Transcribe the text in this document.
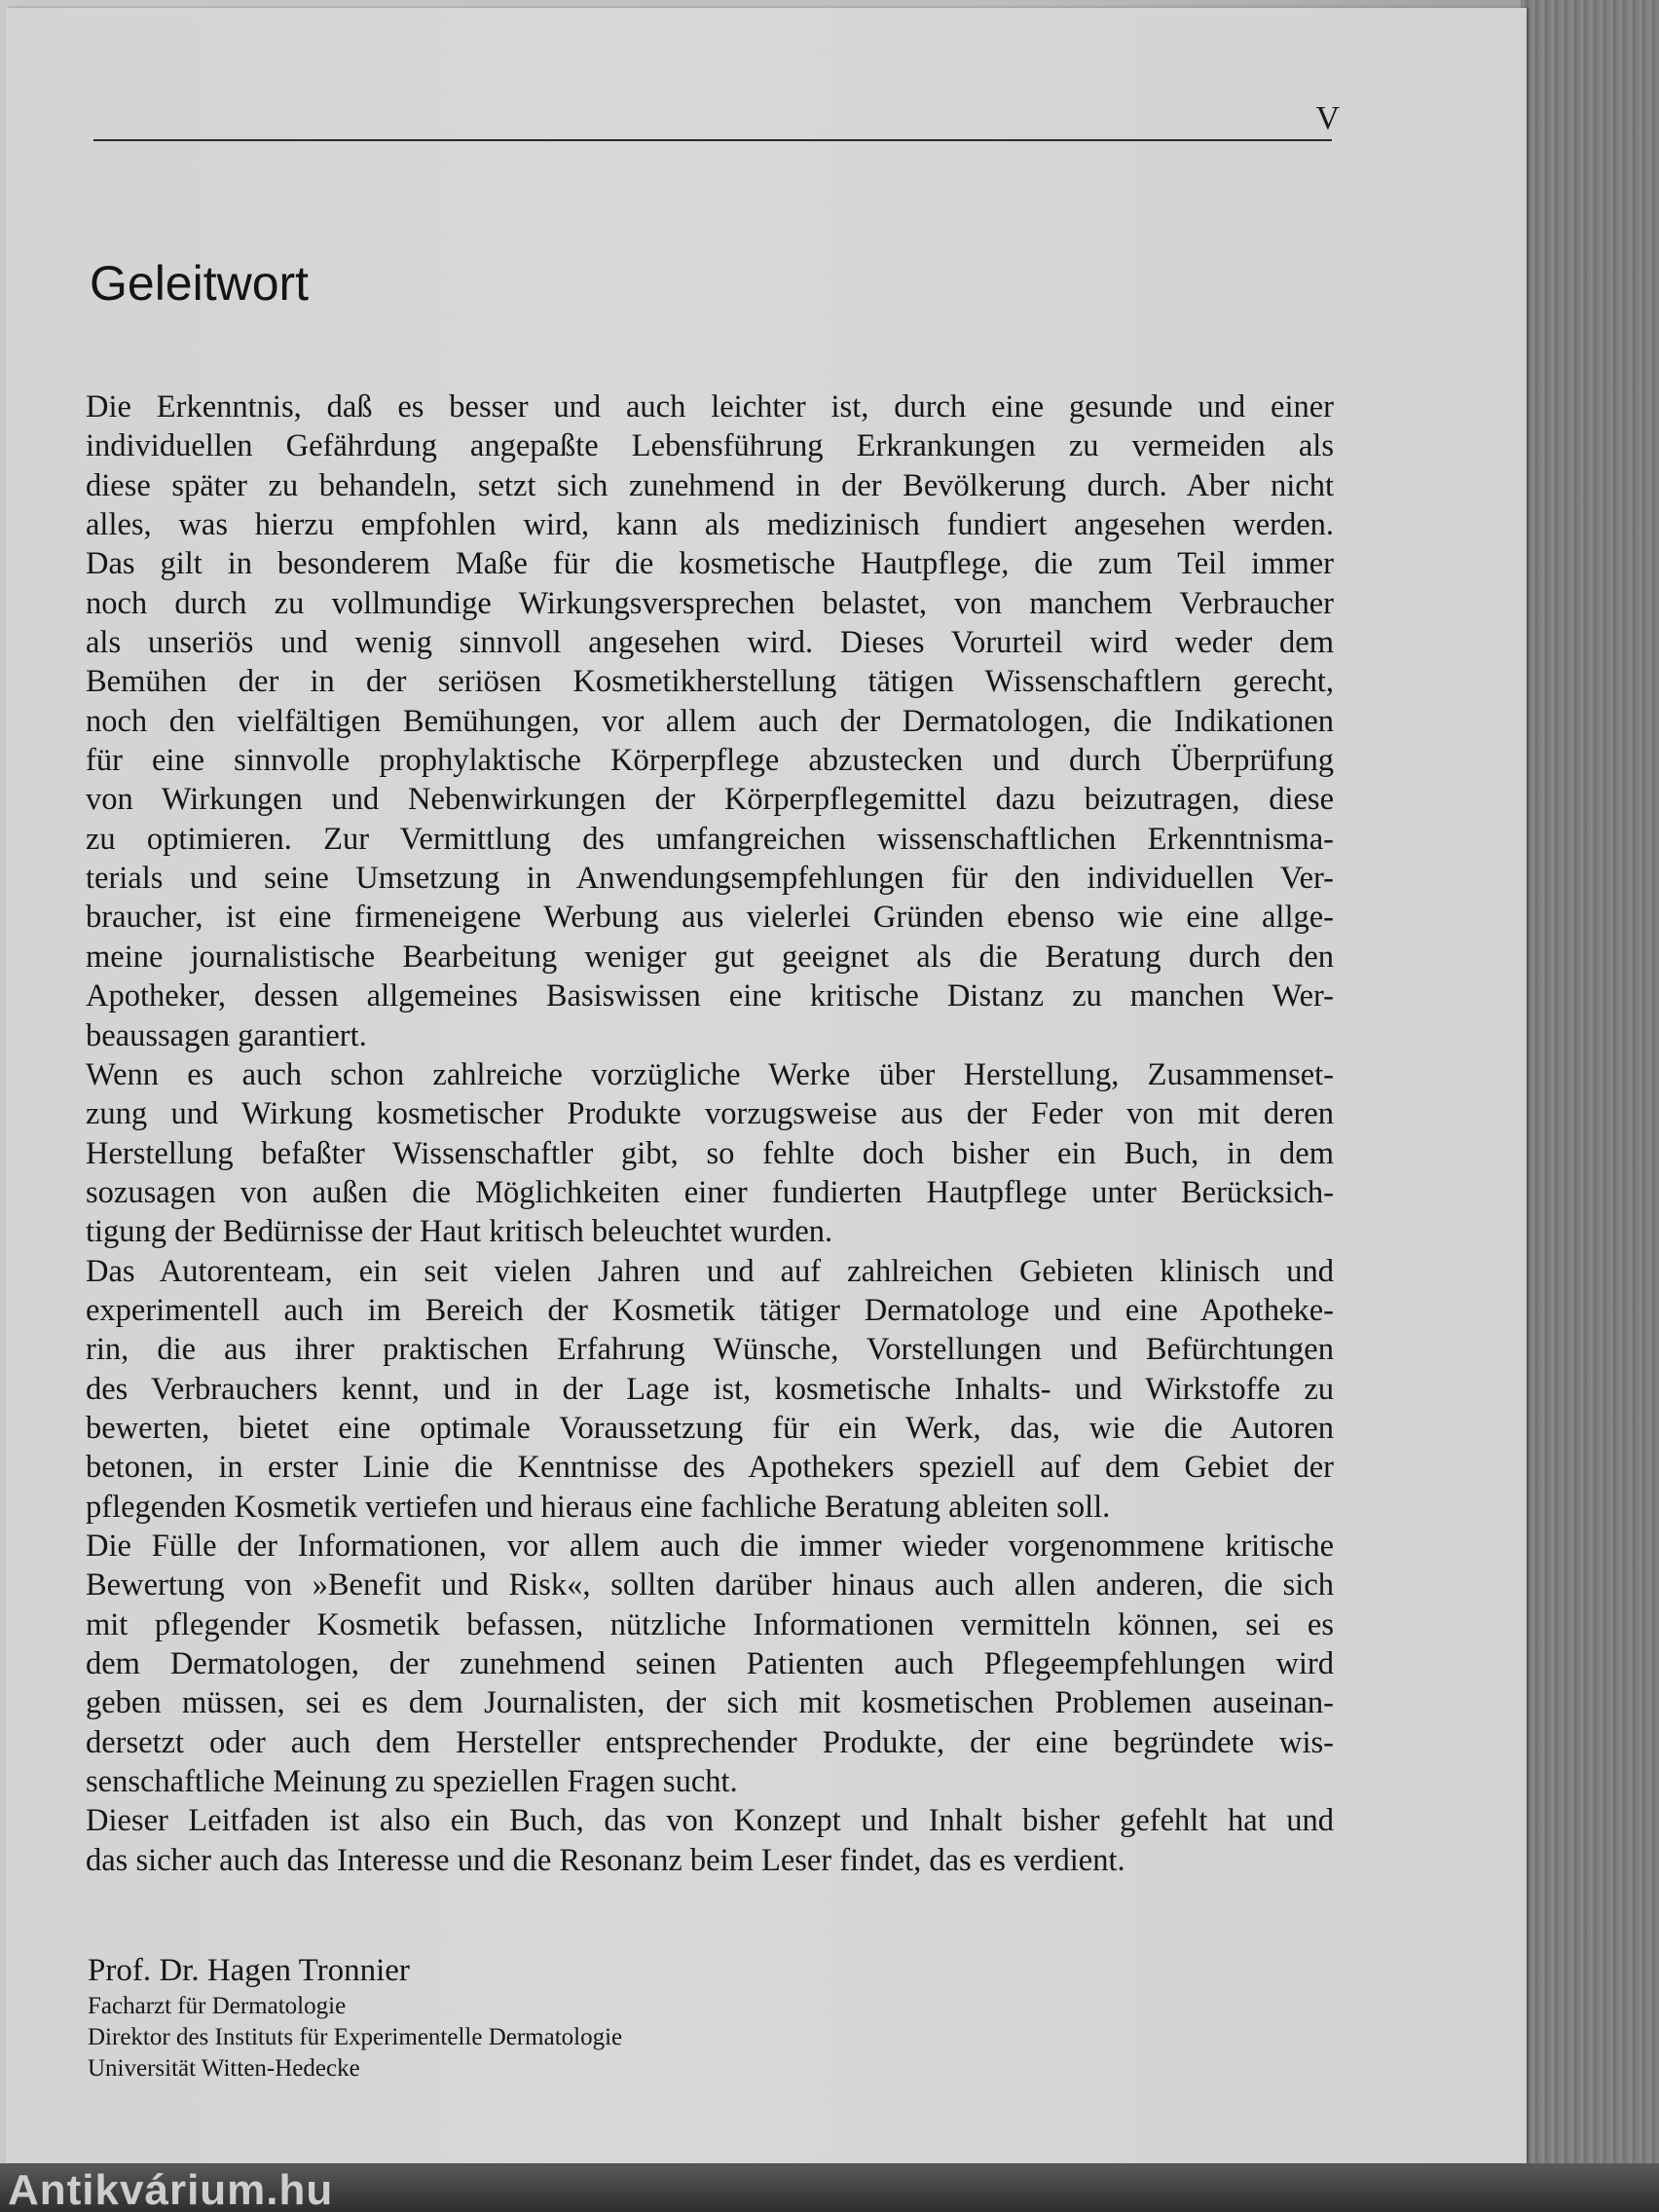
Antikvárium.hu
V
Geleitwort
Die Erkenntnis, daß es besser und auch leichter ist, durch eine gesunde und einer
individuellen Gefährdung angepaßte Lebensführung Erkrankungen zu vermeiden als
diese später zu behandeln, setzt sich zunehmend in der Bevölkerung durch. Aber nicht
alles, was hierzu empfohlen wird, kann als medizinisch fundiert angesehen werden.
Das gilt in besonderem Maße für die kosmetische Hautpflege, die zum Teil immer
noch durch zu vollmundige Wirkungsversprechen belastet, von manchem Verbraucher
als unseriös und wenig sinnvoll angesehen wird. Dieses Vorurteil wird weder dem
Bemühen der in der seriösen Kosmetikherstellung tätigen Wissenschaftlern gerecht,
noch den vielfältigen Bemühungen, vor allem auch der Dermatologen, die Indikationen
für eine sinnvolle prophylaktische Körperpflege abzustecken und durch Überprüfung
von Wirkungen und Nebenwirkungen der Körperpflegemittel dazu beizutragen, diese
zu optimieren. Zur Vermittlung des umfangreichen wissenschaftlichen Erkenntnisma-
terials und seine Umsetzung in Anwendungsempfehlungen für den individuellen Ver-
braucher, ist eine firmeneigene Werbung aus vielerlei Gründen ebenso wie eine allge-
meine journalistische Bearbeitung weniger gut geeignet als die Beratung durch den
Apotheker, dessen allgemeines Basiswissen eine kritische Distanz zu manchen Wer-
beaussagen garantiert.
Wenn es auch schon zahlreiche vorzügliche Werke über Herstellung, Zusammenset-
zung und Wirkung kosmetischer Produkte vorzugsweise aus der Feder von mit deren
Herstellung befaßter Wissenschaftler gibt, so fehlte doch bisher ein Buch, in dem
sozusagen von außen die Möglichkeiten einer fundierten Hautpflege unter Berücksich-
tigung der Bedürnisse der Haut kritisch beleuchtet wurden.
Das Autorenteam, ein seit vielen Jahren und auf zahlreichen Gebieten klinisch und
experimentell auch im Bereich der Kosmetik tätiger Dermatologe und eine Apotheke-
rin, die aus ihrer praktischen Erfahrung Wünsche, Vorstellungen und Befürchtungen
des Verbrauchers kennt, und in der Lage ist, kosmetische Inhalts- und Wirkstoffe zu
bewerten, bietet eine optimale Voraussetzung für ein Werk, das, wie die Autoren
betonen, in erster Linie die Kenntnisse des Apothekers speziell auf dem Gebiet der
pflegenden Kosmetik vertiefen und hieraus eine fachliche Beratung ableiten soll.
Die Fülle der Informationen, vor allem auch die immer wieder vorgenommene kritische
Bewertung von »Benefit und Risk«, sollten darüber hinaus auch allen anderen, die sich
mit pflegender Kosmetik befassen, nützliche Informationen vermitteln können, sei es
dem Dermatologen, der zunehmend seinen Patienten auch Pflegeempfehlungen wird
geben müssen, sei es dem Journalisten, der sich mit kosmetischen Problemen auseinan-
dersetzt oder auch dem Hersteller entsprechender Produkte, der eine begründete wis-
senschaftliche Meinung zu speziellen Fragen sucht.
Dieser Leitfaden ist also ein Buch, das von Konzept und Inhalt bisher gefehlt hat und
das sicher auch das Interesse und die Resonanz beim Leser findet, das es verdient.
Prof. Dr. Hagen Tronnier
Facharzt für Dermatologie
Direktor des Instituts für Experimentelle Dermatologie
Universität Witten-Hedecke
